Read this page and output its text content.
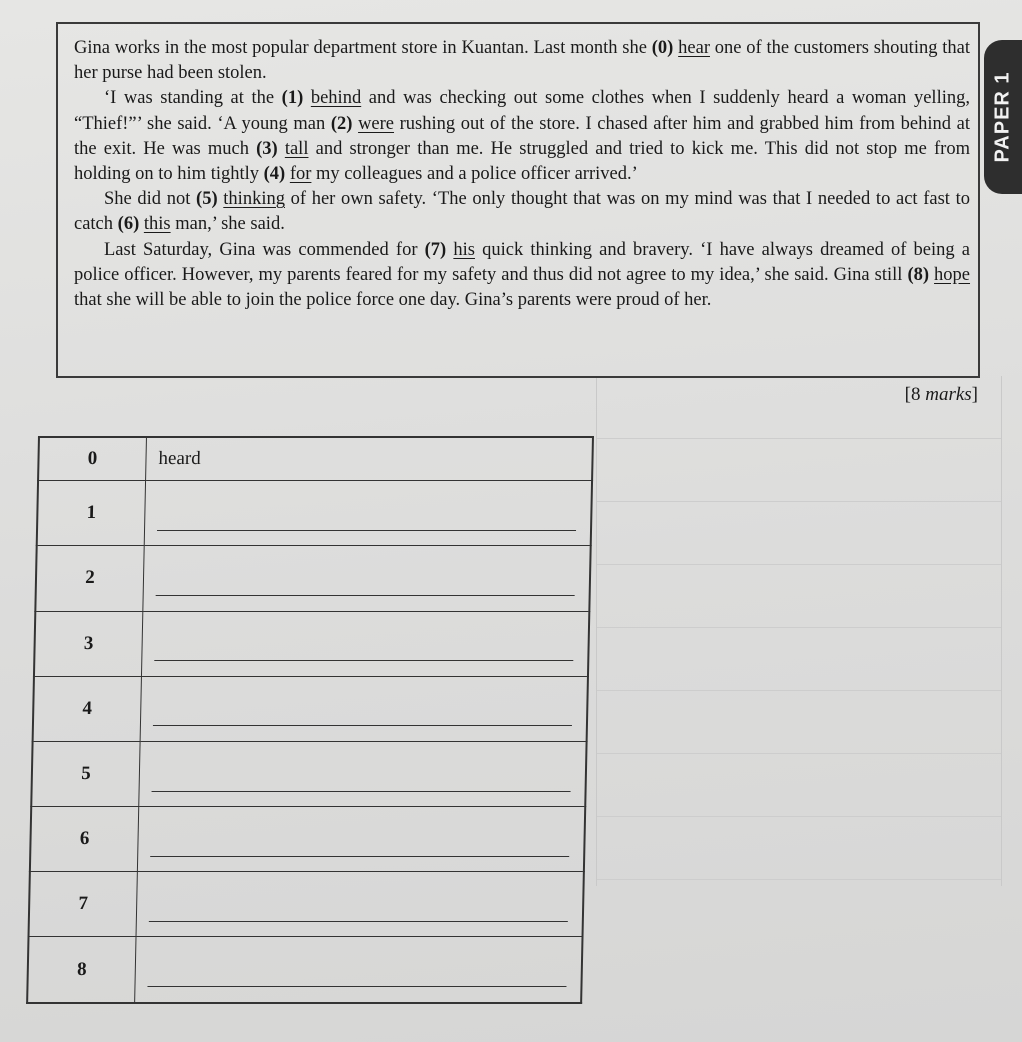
Gina works in the most popular department store in Kuantan. Last month she (0) hear one of the customers shouting that her purse had been stolen.

‘I was standing at the (1) behind and was checking out some clothes when I suddenly heard a woman yelling, “Thief!”’ she said. ‘A young man (2) were rushing out of the store. I chased after him and grabbed him from behind at the exit. He was much (3) tall and stronger than me. He struggled and tried to kick me. This did not stop me from holding on to him tightly (4) for my colleagues and a police officer arrived.’

She did not (5) thinking of her own safety. ‘The only thought that was on my mind was that I needed to act fast to catch (6) this man,’ she said.

Last Saturday, Gina was commended for (7) his quick thinking and bravery. ‘I have always dreamed of being a police officer. However, my parents feared for my safety and thus did not agree to my idea,’ she said. Gina still (8) hope that she will be able to join the police force one day. Gina’s parents were proud of her.

[8 marks]
PAPER 1
0	heard

1	

2	

3	

4	

5	

6	

7	

8	
